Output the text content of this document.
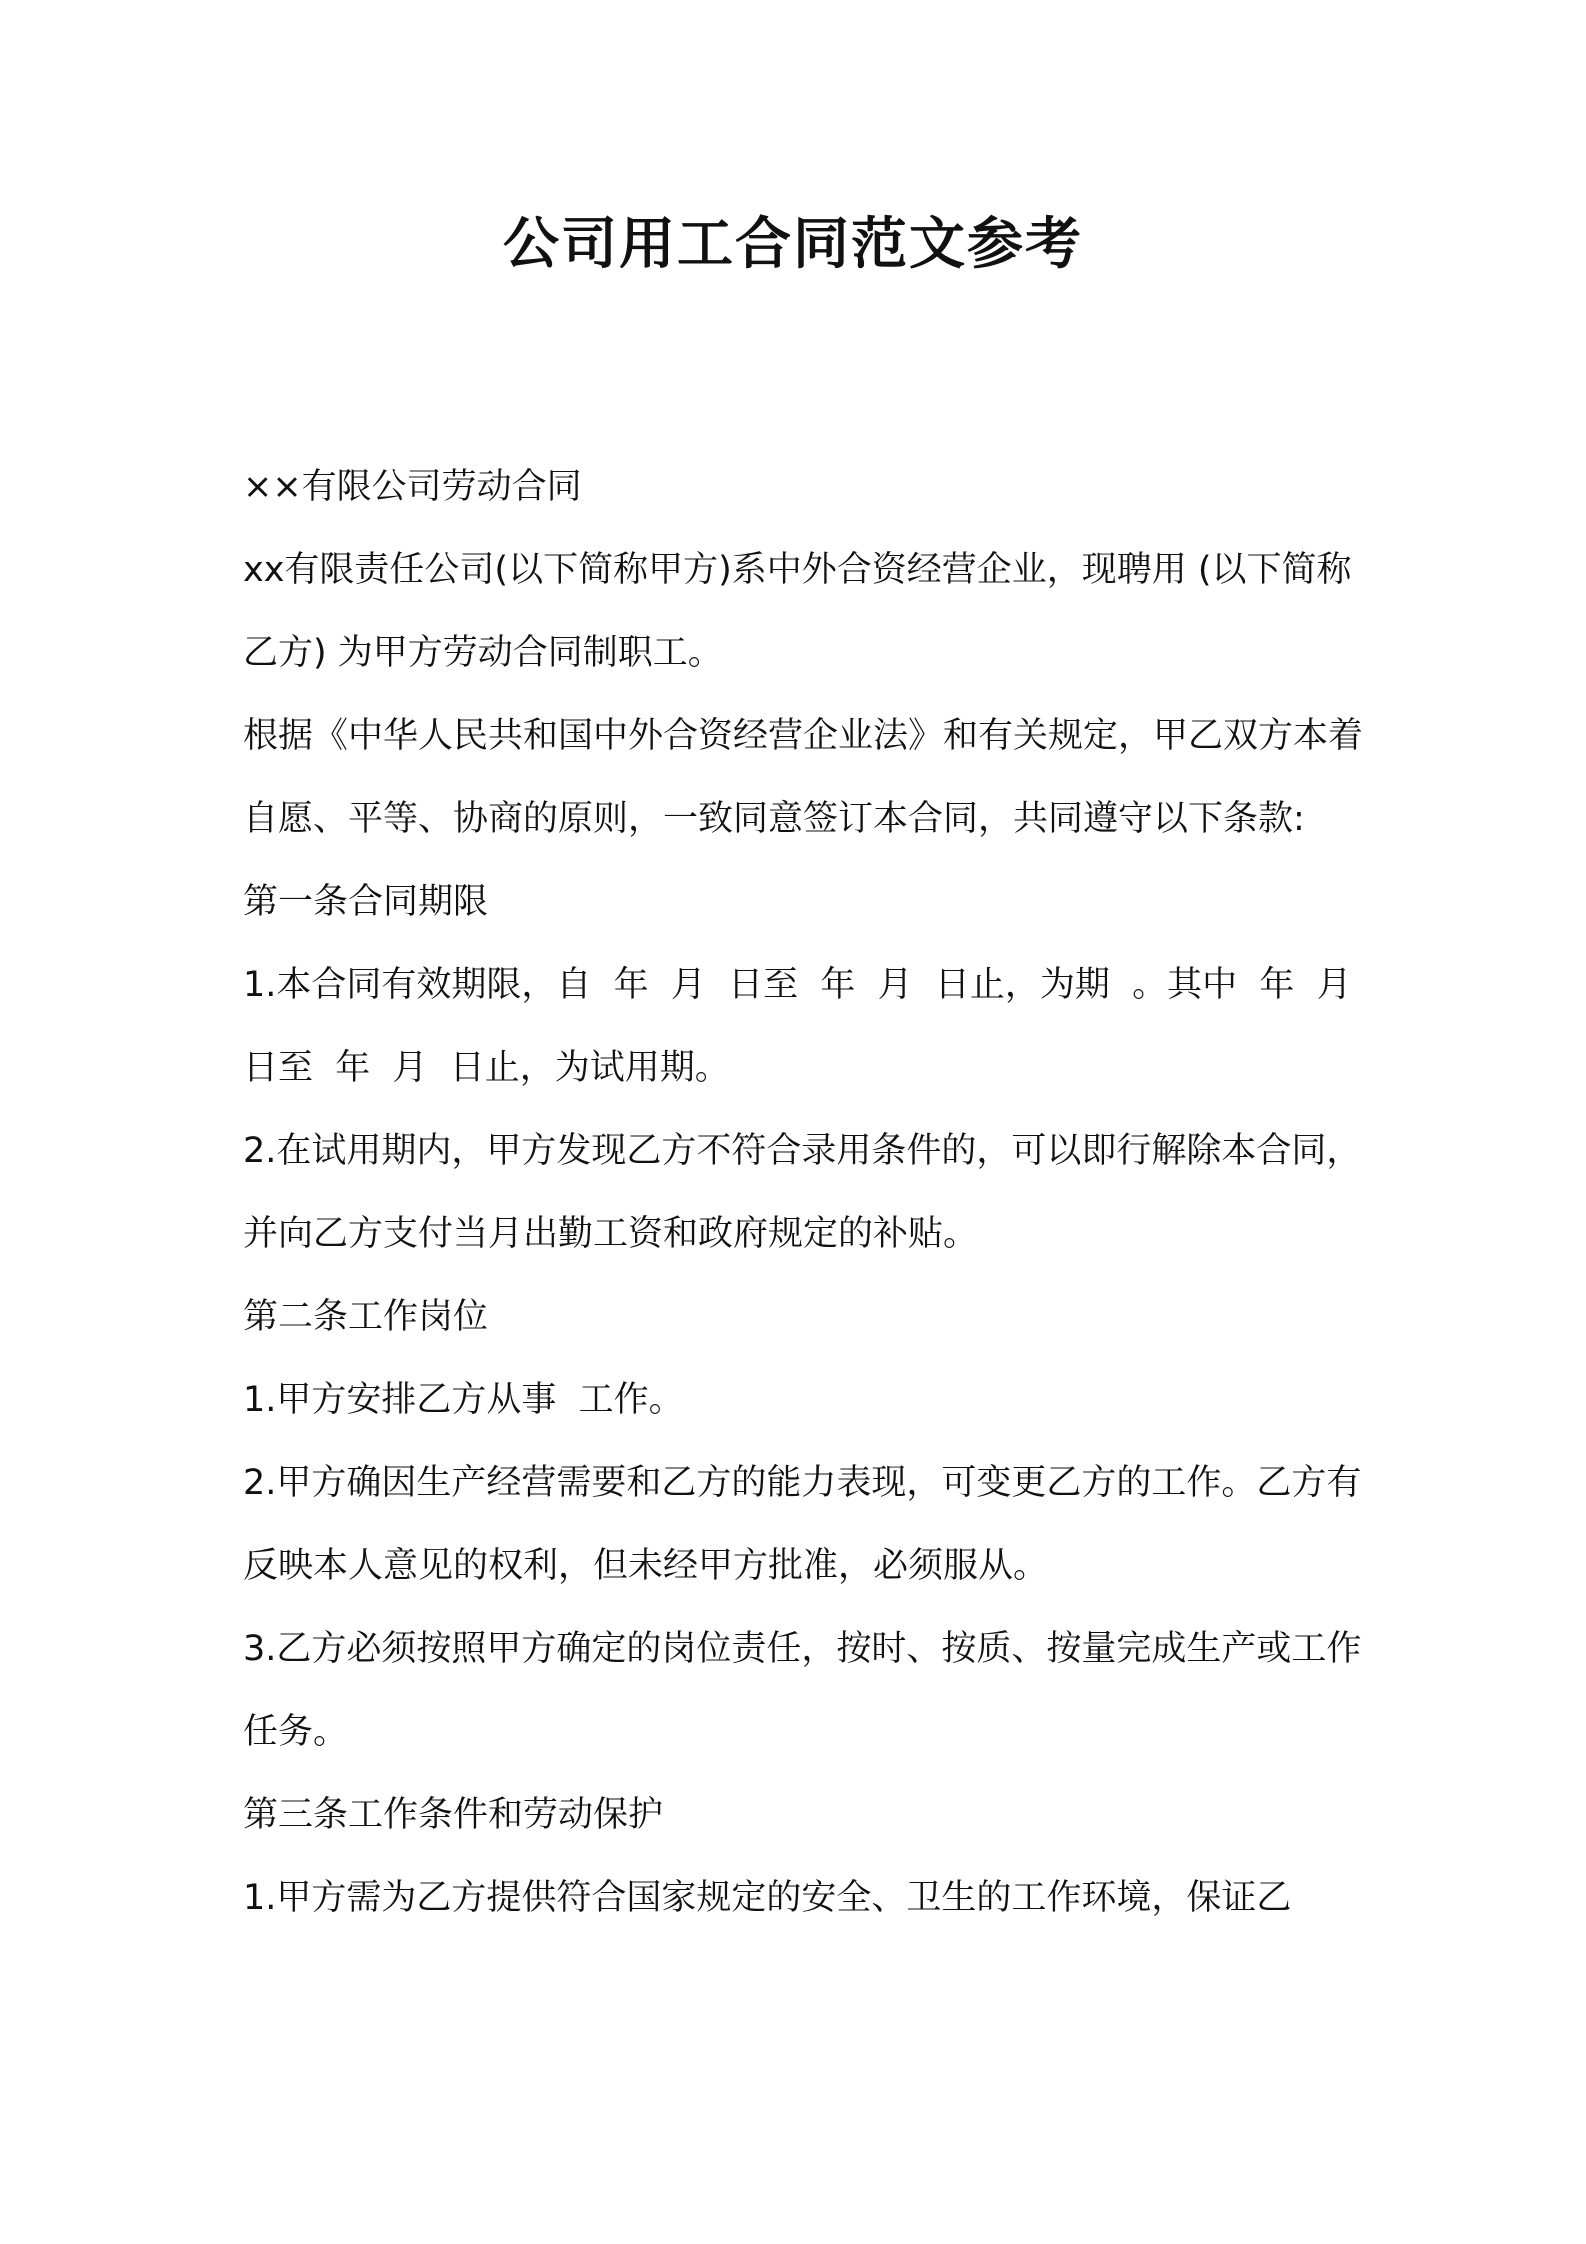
公司用工合同范文参考

××有限公司劳动合同

xx有限责任公司(以下简称甲方)系中外合资经营企业，现聘用 (以下简称乙方) 为甲方劳动合同制职工。

根据《中华人民共和国中外合资经营企业法》和有关规定，甲乙双方本着自愿、平等、协商的原则，一致同意签订本合同，共同遵守以下条款:

第一条合同期限

1.本合同有效期限，自  年  月  日至  年  月  日止，为期  。其中  年  月  日至  年  月  日止，为试用期。

2.在试用期内，甲方发现乙方不符合录用条件的，可以即行解除本合同，并向乙方支付当月出勤工资和政府规定的补贴。

第二条工作岗位

1.甲方安排乙方从事  工作。

2.甲方确因生产经营需要和乙方的能力表现，可变更乙方的工作。乙方有反映本人意见的权利，但未经甲方批准，必须服从。

3.乙方必须按照甲方确定的岗位责任，按时、按质、按量完成生产或工作任务。

第三条工作条件和劳动保护

1.甲方需为乙方提供符合国家规定的安全、卫生的工作环境，保证乙
